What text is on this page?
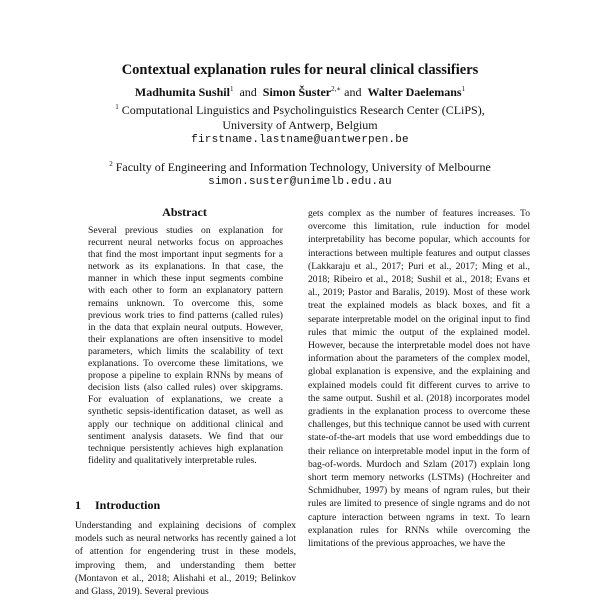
Contextual explanation rules for neural clinical classifiers
Madhumita Sushil$^1$ and Simon Šuster$^{2,∗}$ and Walter Daelemans$^1$
$^1$ Computational Linguistics and Psycholinguistics Research Center (CLiPS),
University of Antwerp, Belgium
firstname.lastname@uantwerpen.be
$^2$ Faculty of Engineering and Information Technology, University of Melbourne
simon.suster@unimelb.edu.au
Abstract

Several previous studies on explanation for recurrent neural networks focus on approaches that find the most important input segments for a network as its explanations. In that case, the manner in which these input segments combine with each other to form an explanatory pattern remains unknown. To overcome this, some previous work tries to find patterns (called rules) in the data that explain neural outputs. However, their explanations are often insensitive to model parameters, which limits the scalability of text explanations. To overcome these limitations, we propose a pipeline to explain RNNs by means of decision lists (also called rules) over skipgrams. For evaluation of explanations, we create a synthetic sepsis-identification dataset, as well as apply our technique on additional clinical and sentiment analysis datasets. We find that our technique persistently achieves high explanation fidelity and qualitatively interpretable rules.

1 Introduction

Understanding and explaining decisions of complex models such as neural networks has recently gained a lot of attention for engendering trust in these models, improving them, and understanding them better (Montavon et al., 2018; Alishahi et al., 2019; Belinkov and Glass, 2019). Several previous

gets complex as the number of features increases. To overcome this limitation, rule induction for model interpretability has become popular, which accounts for interactions between multiple features and output classes (Lakkaraju et al., 2017; Puri et al., 2017; Ming et al., 2018; Ribeiro et al., 2018; Sushil et al., 2018; Evans et al., 2019; Pastor and Baralis, 2019). Most of these work treat the explained models as black boxes, and fit a separate interpretable model on the original input to find rules that mimic the output of the explained model. However, because the interpretable model does not have information about the parameters of the complex model, global explanation is expensive, and the explaining and explained models could fit different curves to arrive to the same output. Sushil et al. (2018) incorporates model gradients in the explanation process to overcome these challenges, but this technique cannot be used with current state-of-the-art models that use word embeddings due to their reliance on interpretable model input in the form of bag-of-words. Murdoch and Szlam (2017) explain long short term memory networks (LSTMs) (Hochreiter and Schmidhuber, 1997) by means of ngram rules, but their rules are limited to presence of single ngrams and do not capture interaction between ngrams in text. To learn explanation rules for RNNs while overcoming the limitations of the previous approaches, we have the
